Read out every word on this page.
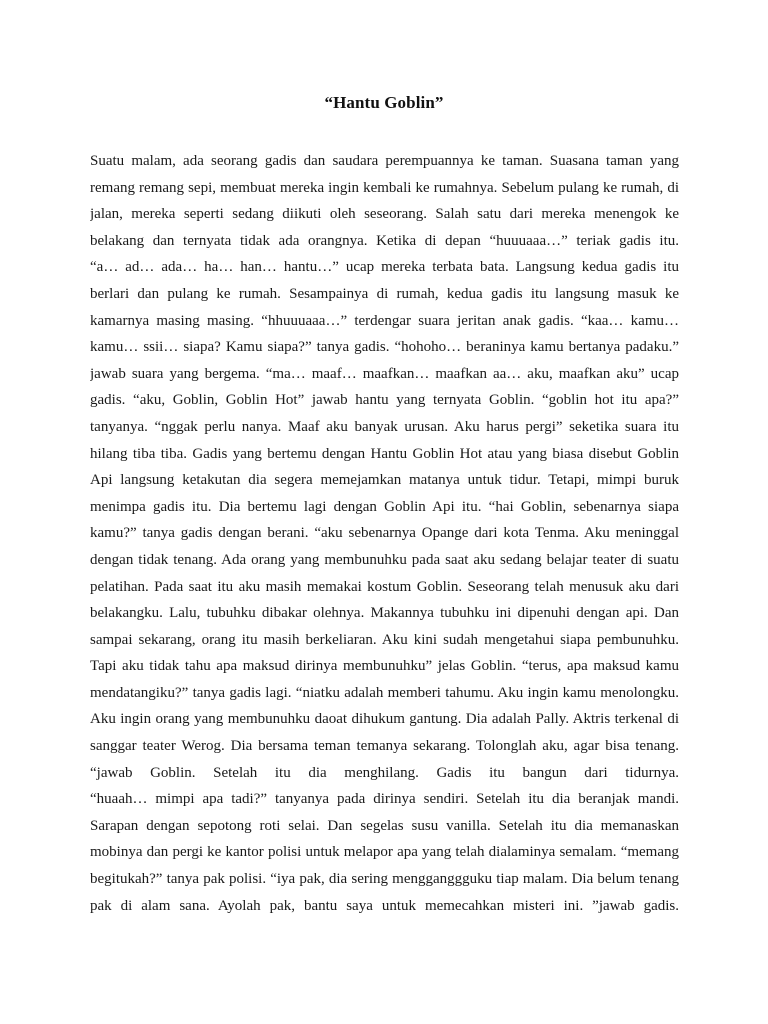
“Hantu Goblin”
Suatu malam, ada seorang gadis dan saudara perempuannya ke taman. Suasana taman yang
remang remang sepi, membuat mereka ingin kembali ke rumahnya. Sebelum pulang ke rumah, di
jalan, mereka seperti sedang diikuti oleh seseorang. Salah satu dari mereka menengok ke
belakang dan ternyata tidak ada orangnya. Ketika di depan “huuuaaa…” teriak gadis itu.
“a… ad… ada… ha… han… hantu…” ucap mereka terbata bata. Langsung kedua gadis itu
berlari dan pulang ke rumah. Sesampainya di rumah, kedua gadis itu langsung masuk ke
kamarnya masing masing. “hhuuuaaa…” terdengar suara jeritan anak gadis. “kaa… kamu…
kamu… ssii… siapa? Kamu siapa?” tanya gadis. “hohoho… beraninya kamu bertanya padaku.”
jawab suara yang bergema. “ma… maaf… maafkan… maafkan aa… aku, maafkan aku” ucap
gadis. “aku, Goblin, Goblin Hot” jawab hantu yang ternyata Goblin. “goblin hot itu apa?”
tanyanya. “nggak perlu nanya. Maaf aku banyak urusan. Aku harus pergi” seketika suara itu
hilang tiba tiba. Gadis yang bertemu dengan Hantu Goblin Hot atau yang biasa disebut Goblin
Api langsung ketakutan dia segera memejamkan matanya untuk tidur. Tetapi, mimpi buruk
menimpa gadis itu. Dia bertemu lagi dengan Goblin Api itu. “hai Goblin, sebenarnya siapa
kamu?” tanya gadis dengan berani. “aku sebenarnya Opange dari kota Tenma. Aku meninggal
dengan tidak tenang. Ada orang yang membunuhku pada saat aku sedang belajar teater di suatu
pelatihan. Pada saat itu aku masih memakai kostum Goblin. Seseorang telah menusuk aku dari
belakangku. Lalu, tubuhku dibakar olehnya. Makannya tubuhku ini dipenuhi dengan api. Dan
sampai sekarang, orang itu masih berkeliaran. Aku kini sudah mengetahui siapa pembunuhku.
Tapi aku tidak tahu apa maksud dirinya membunuhku” jelas Goblin. “terus, apa maksud kamu
mendatangiku?” tanya gadis lagi. “niatku adalah memberi tahumu. Aku ingin kamu menolongku.
Aku ingin orang yang membunuhku daoat dihukum gantung. Dia adalah Pally. Aktris terkenal di
sanggar teater Werog. Dia bersama teman temanya sekarang. Tolonglah aku, agar bisa tenang.
“jawab Goblin. Setelah itu dia menghilang. Gadis itu bangun dari tidurnya.
“huaah… mimpi apa tadi?” tanyanya pada dirinya sendiri. Setelah itu dia beranjak mandi.
Sarapan dengan sepotong roti selai. Dan segelas susu vanilla. Setelah itu dia memanaskan
mobinya dan pergi ke kantor polisi untuk melapor apa yang telah dialaminya semalam. “memang
begitukah?” tanya pak polisi. “iya pak, dia sering mengganggguku tiap malam. Dia belum tenang
pak di alam sana. Ayolah pak, bantu saya untuk memecahkan misteri ini. ”jawab gadis.
